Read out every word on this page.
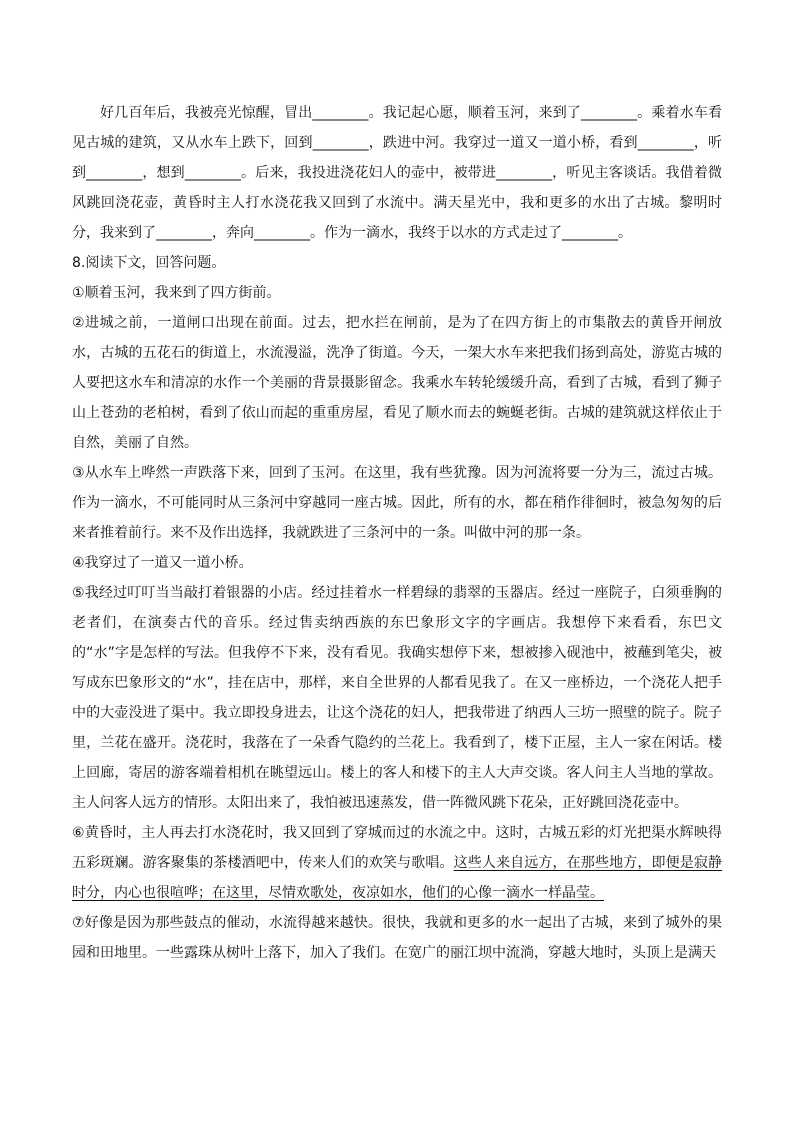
好几百年后，我被亮光惊醒，冒出________。我记起心愿，顺着玉河，来到了________。乘着水车看见古城的建筑，又从水车上跌下，回到________，跌进中河。我穿过一道又一道小桥，看到________，听到________，想到________。后来，我投进浇花妇人的壶中，被带进________，听见主客谈话。我借着微风跳回浇花壶，黄昏时主人打水浇花我又回到了水流中。满天星光中，我和更多的水出了古城。黎明时分，我来到了________，奔向________。作为一滴水，我终于以水的方式走过了________。

8.阅读下文，回答问题。

①顺着玉河，我来到了四方街前。

②进城之前，一道闸口出现在前面。过去，把水拦在闸前，是为了在四方街上的市集散去的黄昏开闸放水，古城的五花石的街道上，水流漫溢，洗净了街道。今天，一架大水车来把我们扬到高处，游览古城的人要把这水车和清凉的水作一个美丽的背景摄影留念。我乘水车转轮缓缓升高，看到了古城，看到了狮子山上苍劲的老柏树，看到了依山而起的重重房屋，看见了顺水而去的蜿蜒老街。古城的建筑就这样依止于自然，美丽了自然。

③从水车上哗然一声跌落下来，回到了玉河。在这里，我有些犹豫。因为河流将要一分为三，流过古城。作为一滴水，不可能同时从三条河中穿越同一座古城。因此，所有的水，都在稍作徘徊时，被急匆匆的后来者推着前行。来不及作出选择，我就跌进了三条河中的一条。叫做中河的那一条。

④我穿过了一道又一道小桥。

⑤我经过叮叮当当敲打着银器的小店。经过挂着水一样碧绿的翡翠的玉器店。经过一座院子，白须垂胸的老者们，在演奏古代的音乐。经过售卖纳西族的东巴象形文字的字画店。我想停下来看看，东巴文的“水”字是怎样的写法。但我停不下来，没有看见。我确实想停下来，想被掺入砚池中，被蘸到笔尖，被写成东巴象形文的“水”，挂在店中，那样，来自全世界的人都看见我了。在又一座桥边，一个浇花人把手中的大壶没进了渠中。我立即投身进去，让这个浇花的妇人，把我带进了纳西人三坊一照壁的院子。院子里，兰花在盛开。浇花时，我落在了一朵香气隐约的兰花上。我看到了，楼下正屋，主人一家在闲话。楼上回廊，寄居的游客端着相机在眺望远山。楼上的客人和楼下的主人大声交谈。客人问主人当地的掌故。主人问客人远方的情形。太阳出来了，我怕被迅速蒸发，借一阵微风跳下花朵，正好跳回浇花壶中。

⑥黄昏时，主人再去打水浇花时，我又回到了穿城而过的水流之中。这时，古城五彩的灯光把渠水辉映得五彩斑斓。游客聚集的茶楼酒吧中，传来人们的欢笑与歌唱。这些人来自远方，在那些地方，即便是寂静时分，内心也很喧哗；在这里，尽情欢歌处，夜凉如水，他们的心像一滴水一样晶莹。

⑦好像是因为那些鼓点的催动，水流得越来越快。很快，我就和更多的水一起出了古城，来到了城外的果园和田地里。一些露珠从树叶上落下，加入了我们。在宽广的丽江坝中流淌，穿越大地时，头顶上是满天
